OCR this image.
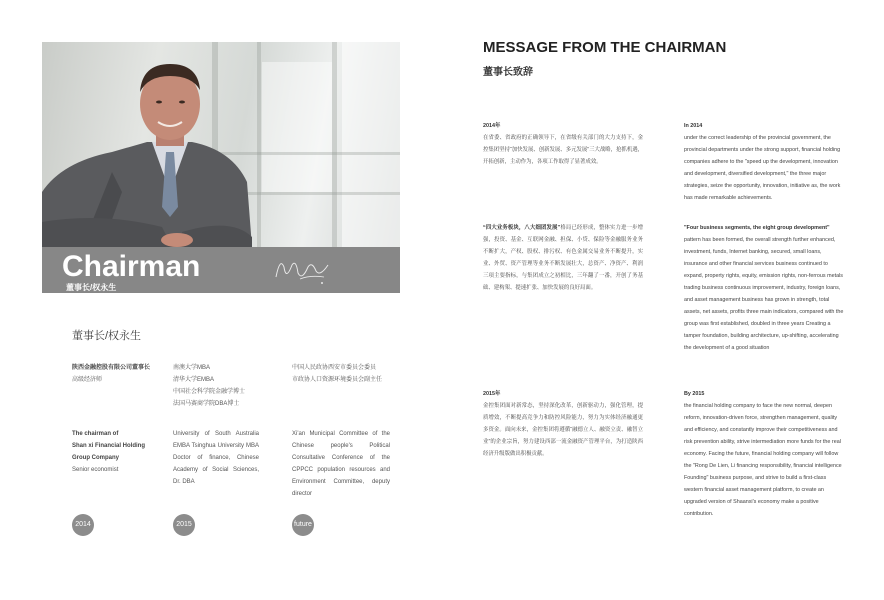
Chairman
董事长/权永生
董事长/权永生
陕西金融控股有限公司董事长
高级经济师
南澳大学MBA
清华大学EMBA
中国社会科学院金融学博士
法国马赛商学院DBA博士
中国人民政协西安市委员会委员
市政协人口资源环境委员会副主任
The chairman of
Shan xi Financial Holding
Group Company
Senior economist
University of South Australia EMBA Tsinghua University MBA Doctor of finance, Chinese Academy of Social Sciences, Dr. DBA
Xi'an Municipal Committee of the Chinese people's Political Consultative Conference of the CPPCC population resources and Environment Committee, deputy director
2014	2015	future
MESSAGE FROM THE CHAIRMAN
董事长致辞
2014年
在省委、省政府的正确领导下，在省级有关部门的大力支持下，金控集团坚持“加快发展、创新发展、多元发展”三大战略，抢抓机遇，开拓创新，主动作为，各项工作取得了显著成效。
“四大业务板块，八大细团发展”格局已经形成，整体实力进一步增强，投资、基金、互联网金融、担保、小贷、保险等金融服务业务不断扩大，产权、股权、排污权、有色金属交易业务不断提升，实业、外贸、资产管理等业务不断发展壮大，总资产、净资产、利润三项主要指标，与集团成立之初相比，三年翻了一番，开创了务基础、建构架、提速扩张、加快发展的良好局面。
2015年
金控集团面对新常态，坚持深化改革，创新驱动力，强化管理，提质增效，不断提高竞争力和防控风险能力，努力为实体经济融通更多资金。面向未来，金控集团将遵循“融德立人、融资立责、融智立业”的企业宗旨，努力建设西部一流金融资产管理平台，为打造陕西经济升级版做出积极贡献。
In 2014
under the correct leadership of the provincial government, the provincial departments under the strong support, financial holding companies adhere to the "speed up the development, innovation and development, diversified development," the three major strategies, seize the opportunity, innovation, initiative as, the work has made remarkable achievements.
"Four business segments, the eight group development" pattern has been formed, the overall strength further enhanced, investment, funds, Internet banking, secured, small loans, insurance and other financial services business continued to expand, property rights, equity, emission rights, non-ferrous metals trading business continuous improvement, industry, foreign loans, and asset management business has grown in strength, total assets, net assets, profits three main indicators, compared with the group was first established, doubled in three years Creating a tamper foundation, building architecture, up-shifting, accelerating the development of a good situation
By 2015
the financial holding company to face the new normal, deepen reform, innovation-driven force, strengthen management, quality and efficiency, and constantly improve their competitiveness and risk prevention ability, strive intermediation more funds for the real economy. Facing the future, financial holding company will follow the "Rong De Lien, Li financing responsibility, financial intelligence Founding" business purpose, and strive to build a first-class western financial asset management platform, to create an upgraded version of Shaanxi's economy make a positive contribution.
